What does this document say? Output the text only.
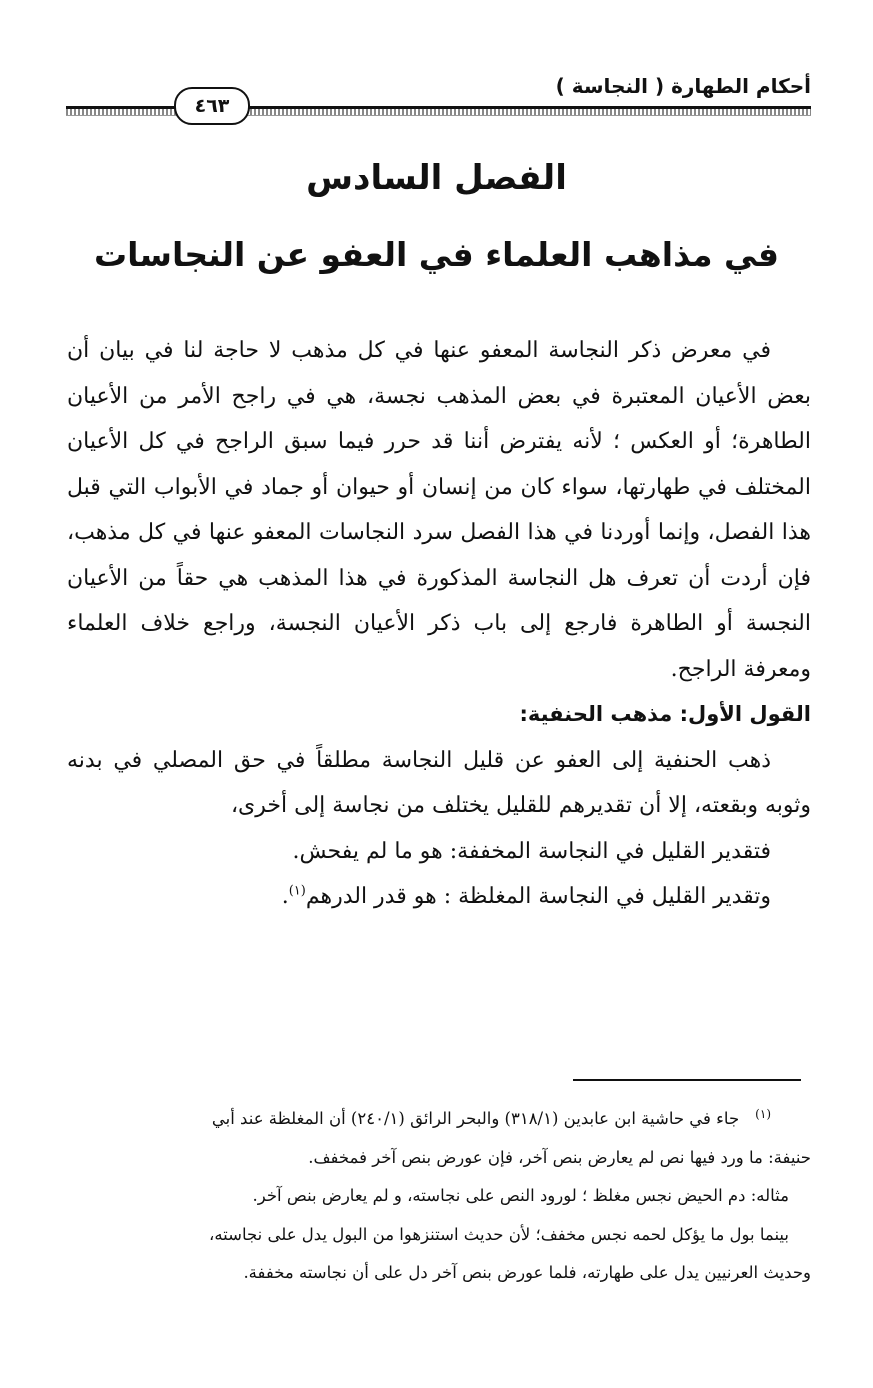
أحكام الطهارة ( النجاسة )
٤٦٣
الفصل السادس
في مذاهب العلماء في العفو عن النجاسات

في معرض ذكر النجاسة المعفو عنها في كل مذهب لا حاجة لنا في بيان أن بعض الأعيان المعتبرة في بعض المذهب نجسة، هي في راجح الأمر من الأعيان الطاهرة؛ أو العكس ؛ لأنه يفترض أننا قد حرر فيما سبق الراجح في كل الأعيان المختلف في طهارتها، سواء كان من إنسان أو حيوان أو جماد في الأبواب التي قبل هذا الفصل، وإنما أوردنا في هذا الفصل سرد النجاسات المعفو عنها في كل مذهب، فإن أردت أن تعرف هل النجاسة المذكورة في هذا المذهب هي حقاً من الأعيان النجسة أو الطاهرة فارجع إلى باب ذكر الأعيان النجسة، وراجع خلاف العلماء ومعرفة الراجح.

القول الأول: مذهب الحنفية:

ذهب الحنفية إلى العفو عن قليل النجاسة مطلقاً في حق المصلي في بدنه وثوبه وبقعته، إلا أن تقديرهم للقليل يختلف من نجاسة إلى أخرى،

فتقدير القليل في النجاسة المخففة: هو ما لم يفحش.

وتقدير القليل في النجاسة المغلظة : هو قدر الدرهم$^{(١)}$.

$^{(١)}$جاء في حاشية ابن عابدين (٣١٨/١) والبحر الرائق (٢٤٠/١) أن المغلظة عند أبي

حنيفة: ما ورد فيها نص لم يعارض بنص آخر، فإن عورض بنص آخر فمخفف.

مثاله: دم الحيض نجس مغلظ ؛ لورود النص على نجاسته، و لم يعارض بنص آخر.

بينما بول ما يؤكل لحمه نجس مخفف؛ لأن حديث استنزهوا من البول يدل على نجاسته،

وحديث العرنيين يدل على طهارته، فلما عورض بنص آخر دل على أن نجاسته مخففة.
